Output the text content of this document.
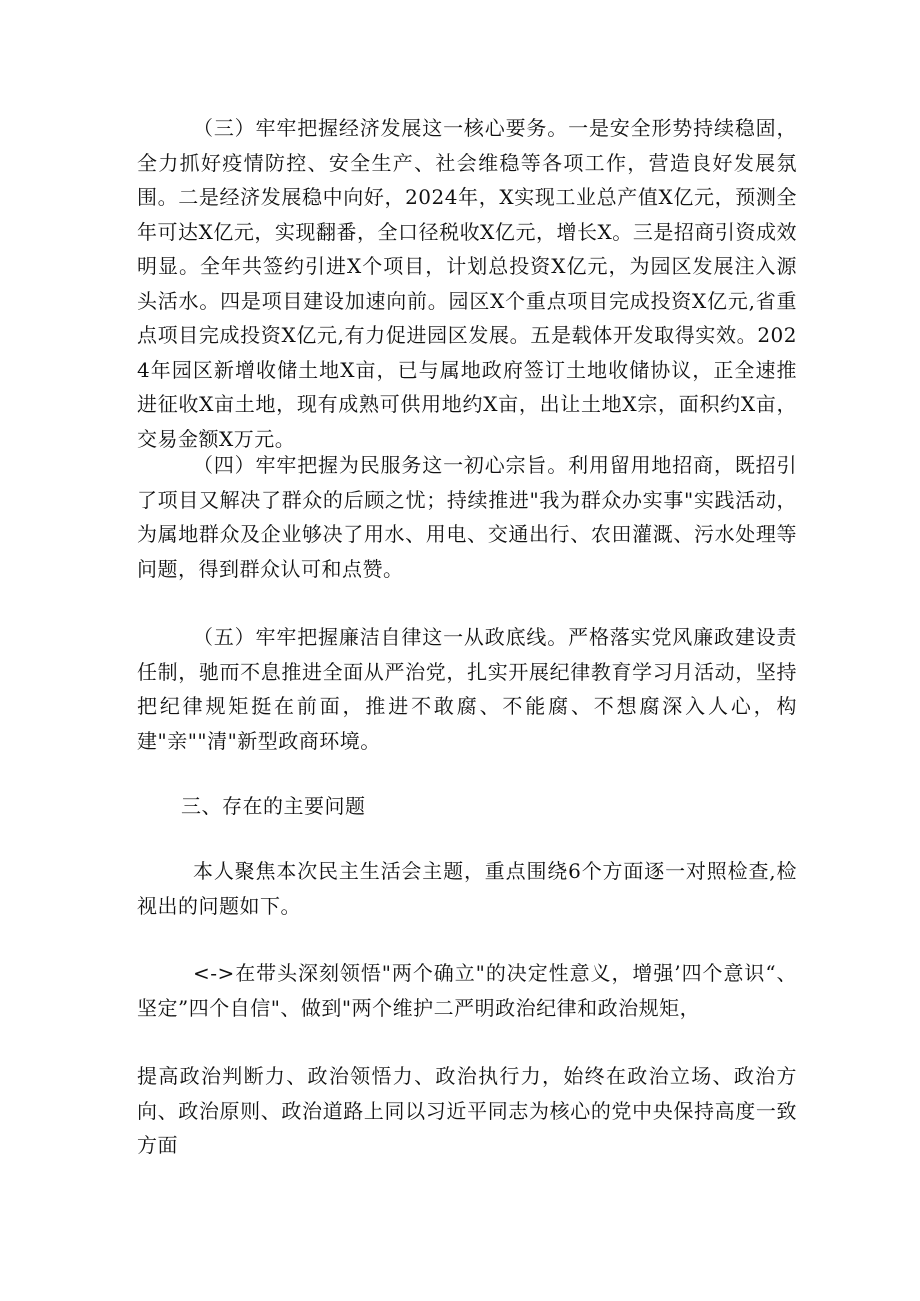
（三）牢牢把握经济发展这一核心要务。一是安全形势持续稳固，全力抓好疫情防控、安全生产、社会维稳等各项工作，营造良好发展氛围。二是经济发展稳中向好，2024年，X实现工业总产值X亿元，预测全年可达X亿元，实现翻番，全口径税收X亿元，增长X。三是招商引资成效明显。全年共签约引进X个项目，计划总投资X亿元，为园区发展注入源头活水。四是项目建设加速向前。园区X个重点项目完成投资X亿元,省重点项目完成投资X亿元,有力促进园区发展。五是载体开发取得实效。2024年园区新增收储土地X亩，已与属地政府签订土地收储协议，正全速推进征收X亩土地，现有成熟可供用地约X亩，出让土地X宗，面积约X亩，交易金额X万元。

（四）牢牢把握为民服务这一初心宗旨。利用留用地招商，既招引了项目又解决了群众的后顾之忧；持续推进"我为群众办实事"实践活动，为属地群众及企业够决了用水、用电、交通出行、农田灌溉、污水处理等问题，得到群众认可和点赞。

（五）牢牢把握廉洁自律这一从政底线。严格落实党风廉政建设责任制，驰而不息推进全面从严治党，扎实开展纪律教育学习月活动，坚持把纪律规矩挺在前面，推进不敢腐、不能腐、不想腐深入人心，构建"亲""清"新型政商环境。

三、存在的主要问题

本人聚焦本次民主生活会主题，重点围绕6个方面逐一对照检查,检视出的问题如下。

<->在带头深刻领悟"两个确立"的决定性意义，增强’四个意识“、坚定”四个自信"、做到"两个维护二严明政治纪律和政治规矩，

提高政治判断力、政治领悟力、政治执行力，始终在政治立场、政治方向、政治原则、政治道路上同以习近平同志为核心的党中央保持高度一致方面
